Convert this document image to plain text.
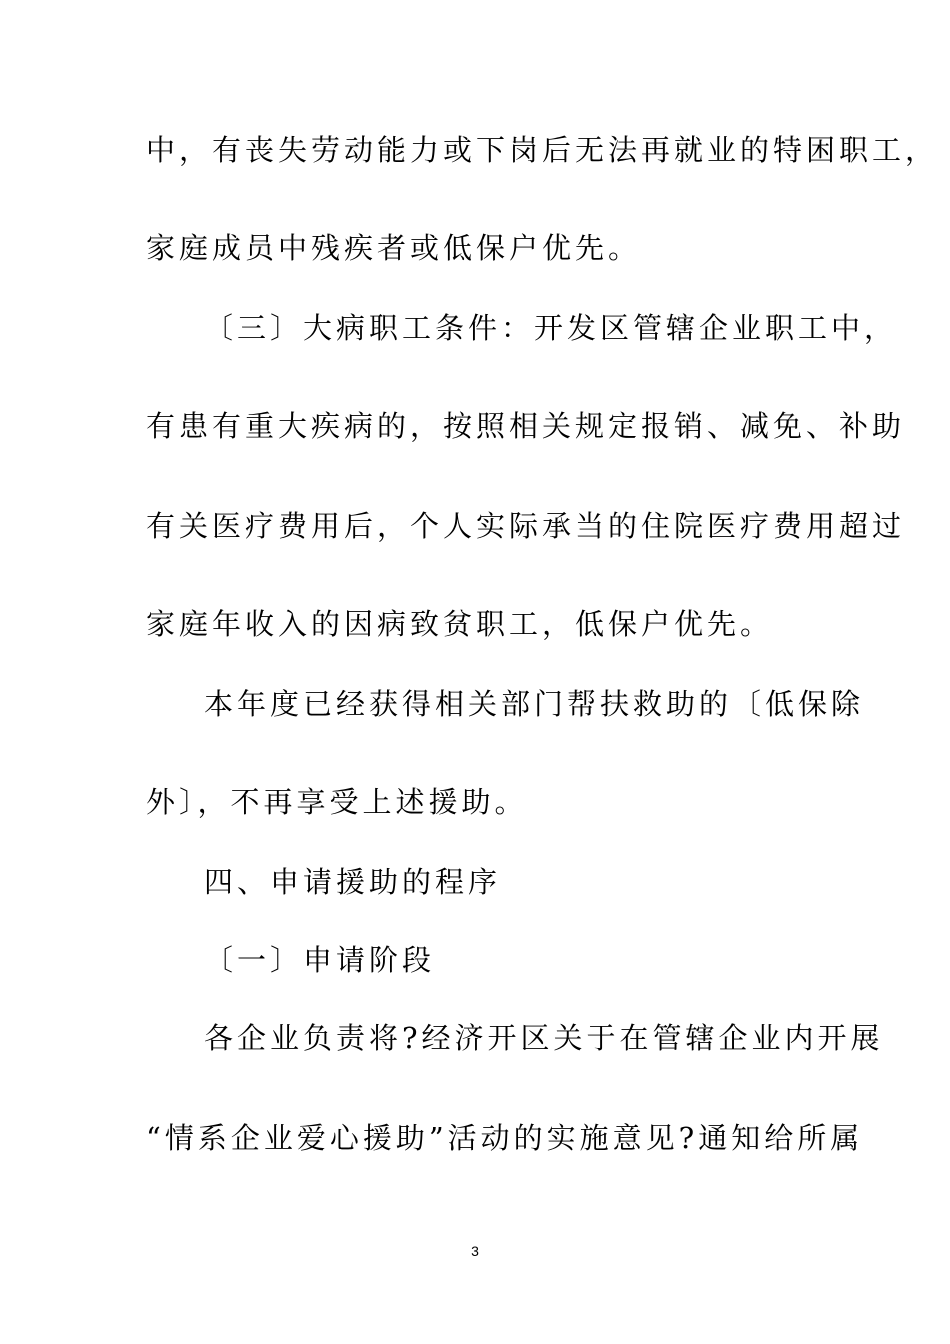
中，有丧失劳动能力或下岗后无法再就业的特困职工，
家庭成员中残疾者或低保户优先。
〔三〕大病职工条件：开发区管辖企业职工中，
有患有重大疾病的，按照相关规定报销、减免、补助
有关医疗费用后，个人实际承当的住院医疗费用超过
家庭年收入的因病致贫职工，低保户优先。
本年度已经获得相关部门帮扶救助的〔低保除
外〕，不再享受上述援助。
四、申请援助的程序
〔一〕申请阶段
各企业负责将?经济开区关于在管辖企业内开展
“情系企业爱心援助”活动的实施意见?通知给所属
3
